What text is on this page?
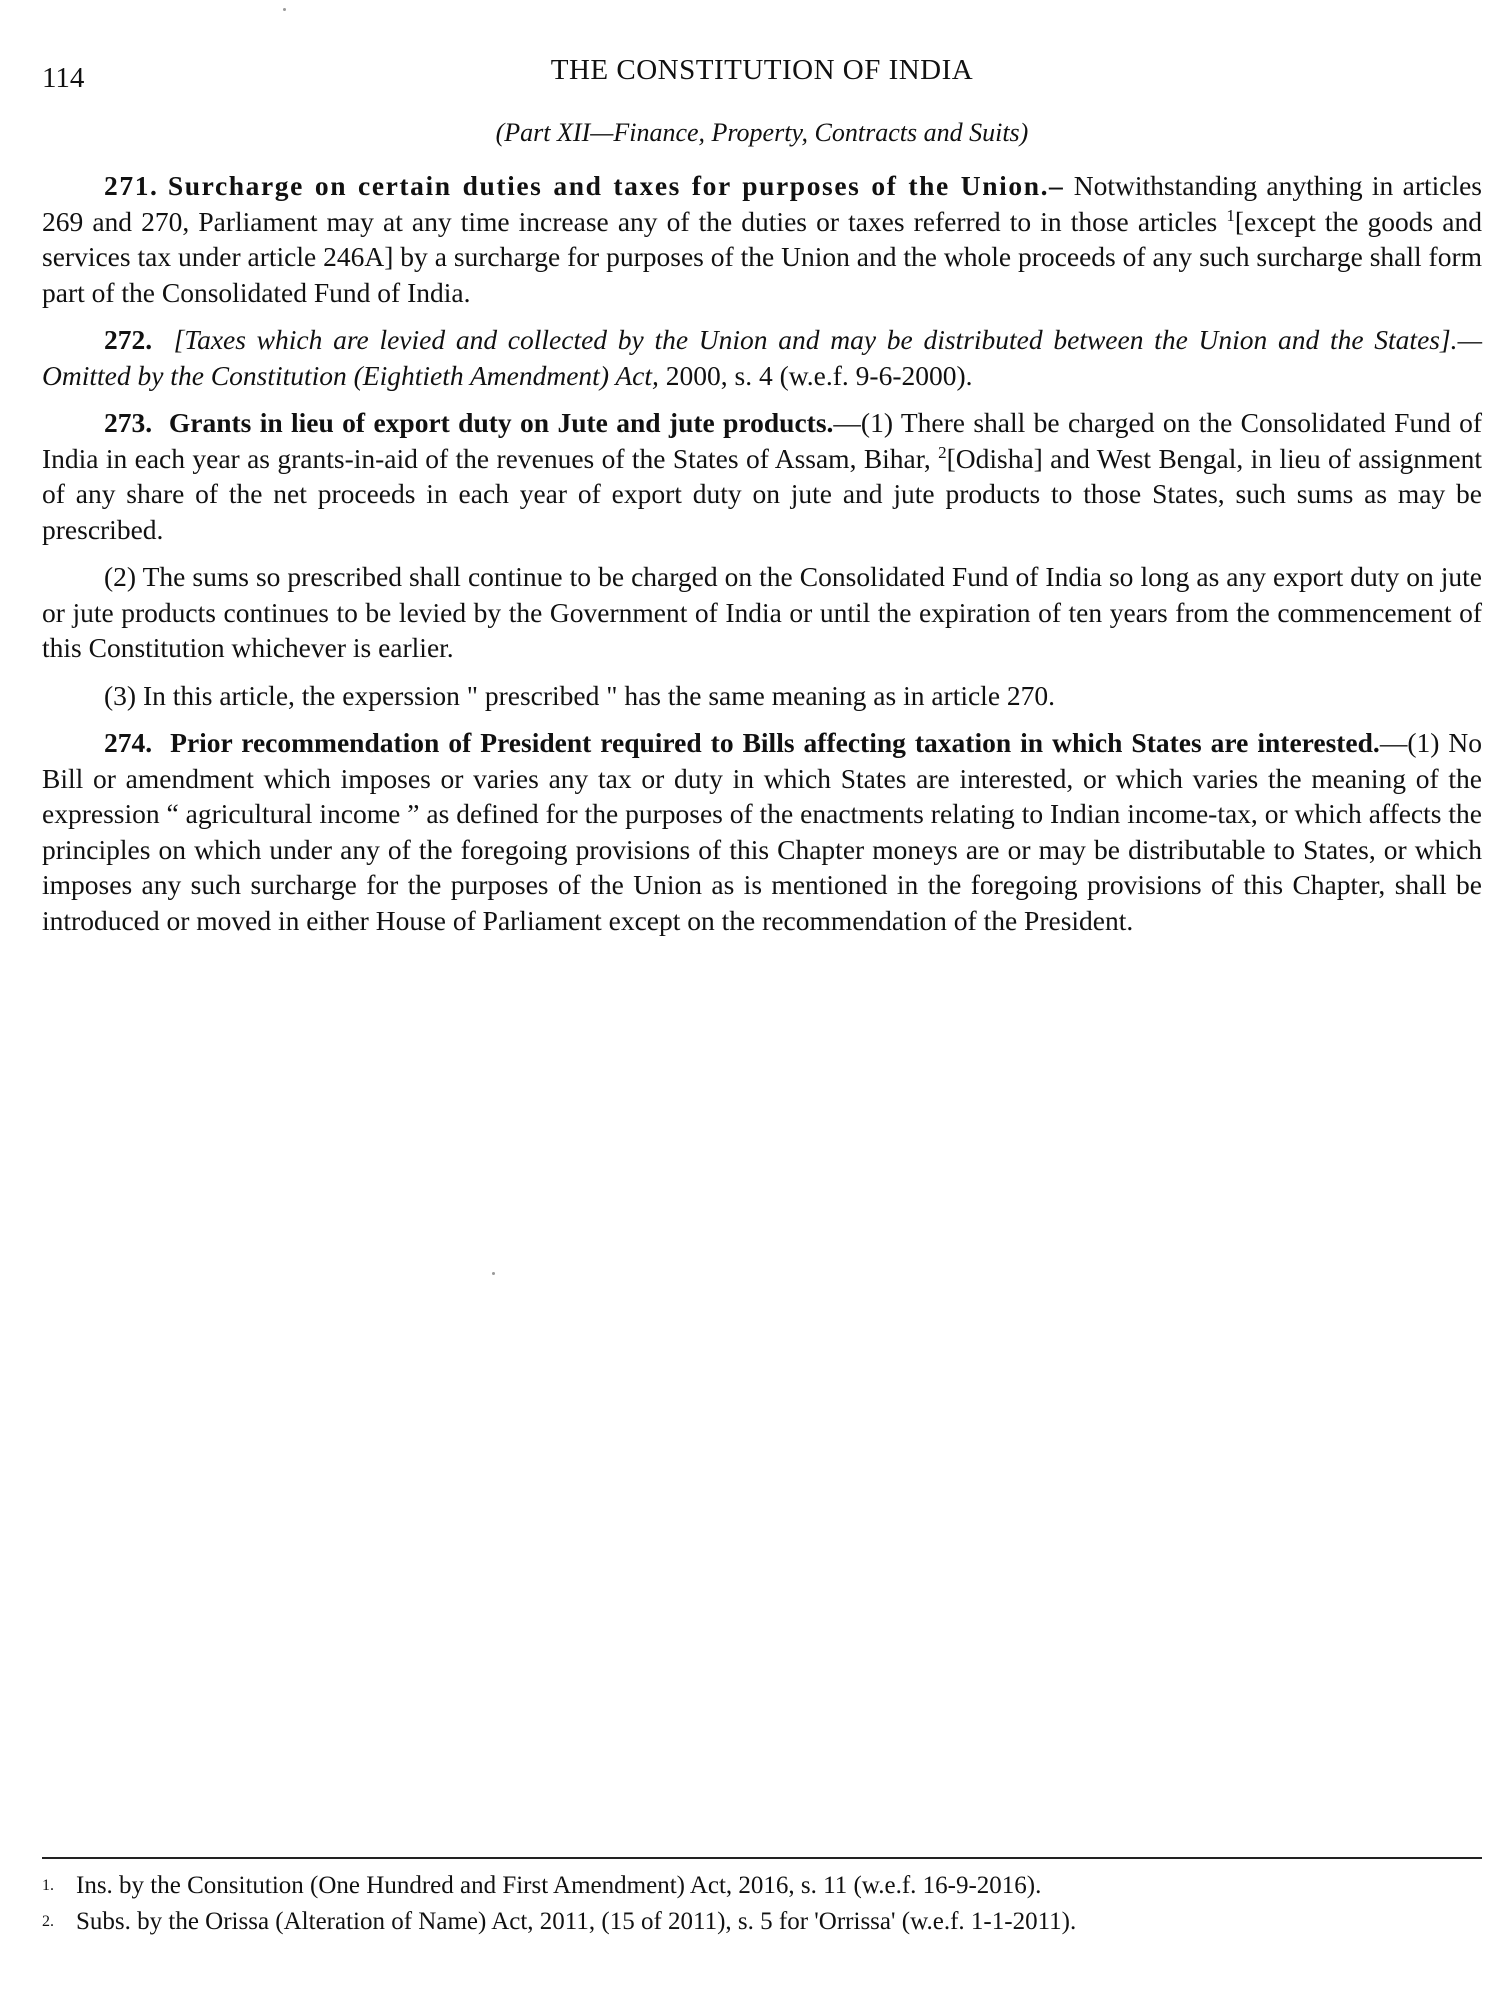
114	THE CONSTITUTION OF INDIA
(Part XII—Finance, Property, Contracts and Suits)

271. Surcharge on certain duties and taxes for purposes of the Union.– Notwithstanding anything in articles 269 and 270, Parliament may at any time increase any of the duties or taxes referred to in those articles $^1$[except the goods and services tax under article 246A] by a surcharge for purposes of the Union and the whole proceeds of any such surcharge shall form part of the Consolidated Fund of India.

272. [Taxes which are levied and collected by the Union and may be distributed between the Union and the States].—Omitted by the Constitution (Eightieth Amendment) Act, 2000, s. 4 (w.e.f. 9-6-2000).

273. Grants in lieu of export duty on Jute and jute products.—(1) There shall be charged on the Consolidated Fund of India in each year as grants-in-aid of the revenues of the States of Assam, Bihar, $^2$[Odisha] and West Bengal, in lieu of assignment of any share of the net proceeds in each year of export duty on jute and jute products to those States, such sums as may be prescribed.

(2) The sums so prescribed shall continue to be charged on the Consolidated Fund of India so long as any export duty on jute or jute products continues to be levied by the Government of India or until the expiration of ten years from the commencement of this Constitution whichever is earlier.

(3) In this article, the experssion " prescribed " has the same meaning as in article 270.

274. Prior recommendation of President required to Bills affecting taxation in which States are interested.—(1) No Bill or amendment which imposes or varies any tax or duty in which States are interested, or which varies the meaning of the expression “ agricultural income ” as defined for the purposes of the enactments relating to Indian income-tax, or which affects the principles on which under any of the foregoing provisions of this Chapter moneys are or may be distributable to States, or which imposes any such surcharge for the purposes of the Union as is mentioned in the foregoing provisions of this Chapter, shall be introduced or moved in either House of Parliament except on the recommendation of the President.

1. Ins. by the Consitution (One Hundred and First Amendment) Act, 2016, s. 11 (w.e.f. 16-9-2016).
2. Subs. by the Orissa (Alteration of Name) Act, 2011, (15 of 2011), s. 5 for 'Orrissa' (w.e.f. 1-1-2011).
